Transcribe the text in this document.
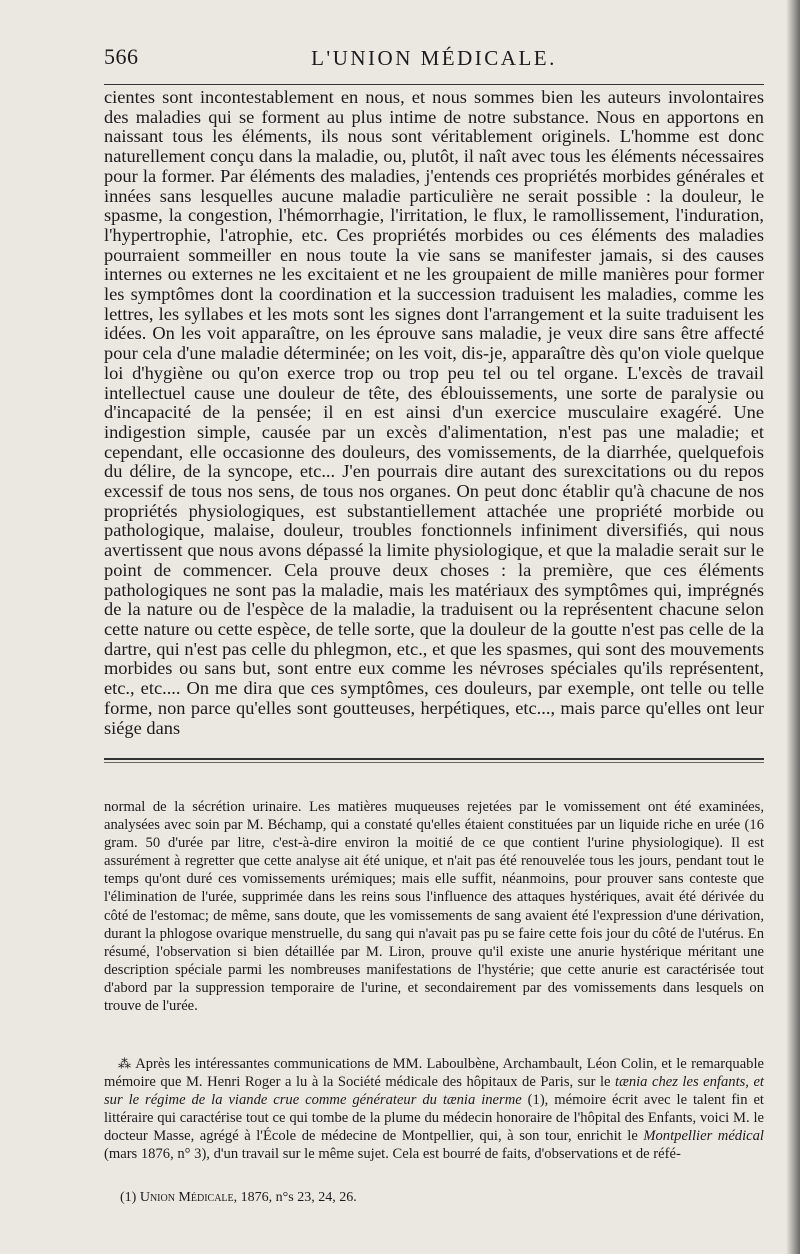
566	L'UNION MÉDICALE.

cientes sont incontestablement en nous, et nous sommes bien les auteurs involontaires des maladies qui se forment au plus intime de notre substance. Nous en apportons en naissant tous les éléments, ils nous sont véritablement originels. L'homme est donc naturellement conçu dans la maladie, ou, plutôt, il naît avec tous les éléments nécessaires pour la former. Par éléments des maladies, j'entends ces propriétés morbides générales et innées sans lesquelles aucune maladie particulière ne serait possible : la douleur, le spasme, la congestion, l'hémorrhagie, l'irritation, le flux, le ramollissement, l'induration, l'hypertrophie, l'atrophie, etc. Ces propriétés morbides ou ces éléments des maladies pourraient sommeiller en nous toute la vie sans se manifester jamais, si des causes internes ou externes ne les excitaient et ne les groupaient de mille manières pour former les symptômes dont la coordination et la succession traduisent les maladies, comme les lettres, les syllabes et les mots sont les signes dont l'arrangement et la suite traduisent les idées. On les voit apparaître, on les éprouve sans maladie, je veux dire sans être affecté pour cela d'une maladie déterminée; on les voit, dis-je, apparaître dès qu'on viole quelque loi d'hygiène ou qu'on exerce trop ou trop peu tel ou tel organe. L'excès de travail intellectuel cause une douleur de tête, des éblouissements, une sorte de paralysie ou d'incapacité de la pensée; il en est ainsi d'un exercice musculaire exagéré. Une indigestion simple, causée par un excès d'alimentation, n'est pas une maladie; et cependant, elle occasionne des douleurs, des vomissements, de la diarrhée, quelquefois du délire, de la syncope, etc... J'en pourrais dire autant des surexcitations ou du repos excessif de tous nos sens, de tous nos organes. On peut donc établir qu'à chacune de nos propriétés physiologiques, est substantiellement attachée une propriété morbide ou pathologique, malaise, douleur, troubles fonctionnels infiniment diversifiés, qui nous avertissent que nous avons dépassé la limite physiologique, et que la maladie serait sur le point de commencer. Cela prouve deux choses : la première, que ces éléments pathologiques ne sont pas la maladie, mais les matériaux des symptômes qui, imprégnés de la nature ou de l'espèce de la maladie, la traduisent ou la représentent chacune selon cette nature ou cette espèce, de telle sorte, que la douleur de la goutte n'est pas celle de la dartre, qui n'est pas celle du phlegmon, etc., et que les spasmes, qui sont des mouvements morbides ou sans but, sont entre eux comme les névroses spéciales qu'ils représentent, etc., etc.... On me dira que ces symptômes, ces douleurs, par exemple, ont telle ou telle forme, non parce qu'elles sont goutteuses, herpétiques, etc..., mais parce qu'elles ont leur siége dans

normal de la sécrétion urinaire. Les matières muqueuses rejetées par le vomissement ont été examinées, analysées avec soin par M. Béchamp, qui a constaté qu'elles étaient constituées par un liquide riche en urée (16 gram. 50 d'urée par litre, c'est-à-dire environ la moitié de ce que contient l'urine physiologique). Il est assurément à regretter que cette analyse ait été unique, et n'ait pas été renouvelée tous les jours, pendant tout le temps qu'ont duré ces vomissements urémiques; mais elle suffit, néanmoins, pour prouver sans conteste que l'élimination de l'urée, supprimée dans les reins sous l'influence des attaques hystériques, avait été dérivée du côté de l'estomac; de même, sans doute, que les vomissements de sang avaient été l'expression d'une dérivation, durant la phlogose ovarique menstruelle, du sang qui n'avait pas pu se faire cette fois jour du côté de l'utérus. En résumé, l'observation si bien détaillée par M. Liron, prouve qu'il existe une anurie hystérique méritant une description spéciale parmi les nombreuses manifestations de l'hystérie; que cette anurie est caractérisée tout d'abord par la suppression temporaire de l'urine, et secondairement par des vomissements dans lesquels on trouve de l'urée.

⁂ Après les intéressantes communications de MM. Laboulbène, Archambault, Léon Colin, et le remarquable mémoire que M. Henri Roger a lu à la Société médicale des hôpitaux de Paris, sur le tænia chez les enfants, et sur le régime de la viande crue comme générateur du tænia inerme (1), mémoire écrit avec le talent fin et littéraire qui caractérise tout ce qui tombe de la plume du médecin honoraire de l'hôpital des Enfants, voici M. le docteur Masse, agrégé à l'École de médecine de Montpellier, qui, à son tour, enrichit le Montpellier médical (mars 1876, n° 3), d'un travail sur le même sujet. Cela est bourré de faits, d'observations et de réfé-

(1) Union Médicale, 1876, n°s 23, 24, 26.
